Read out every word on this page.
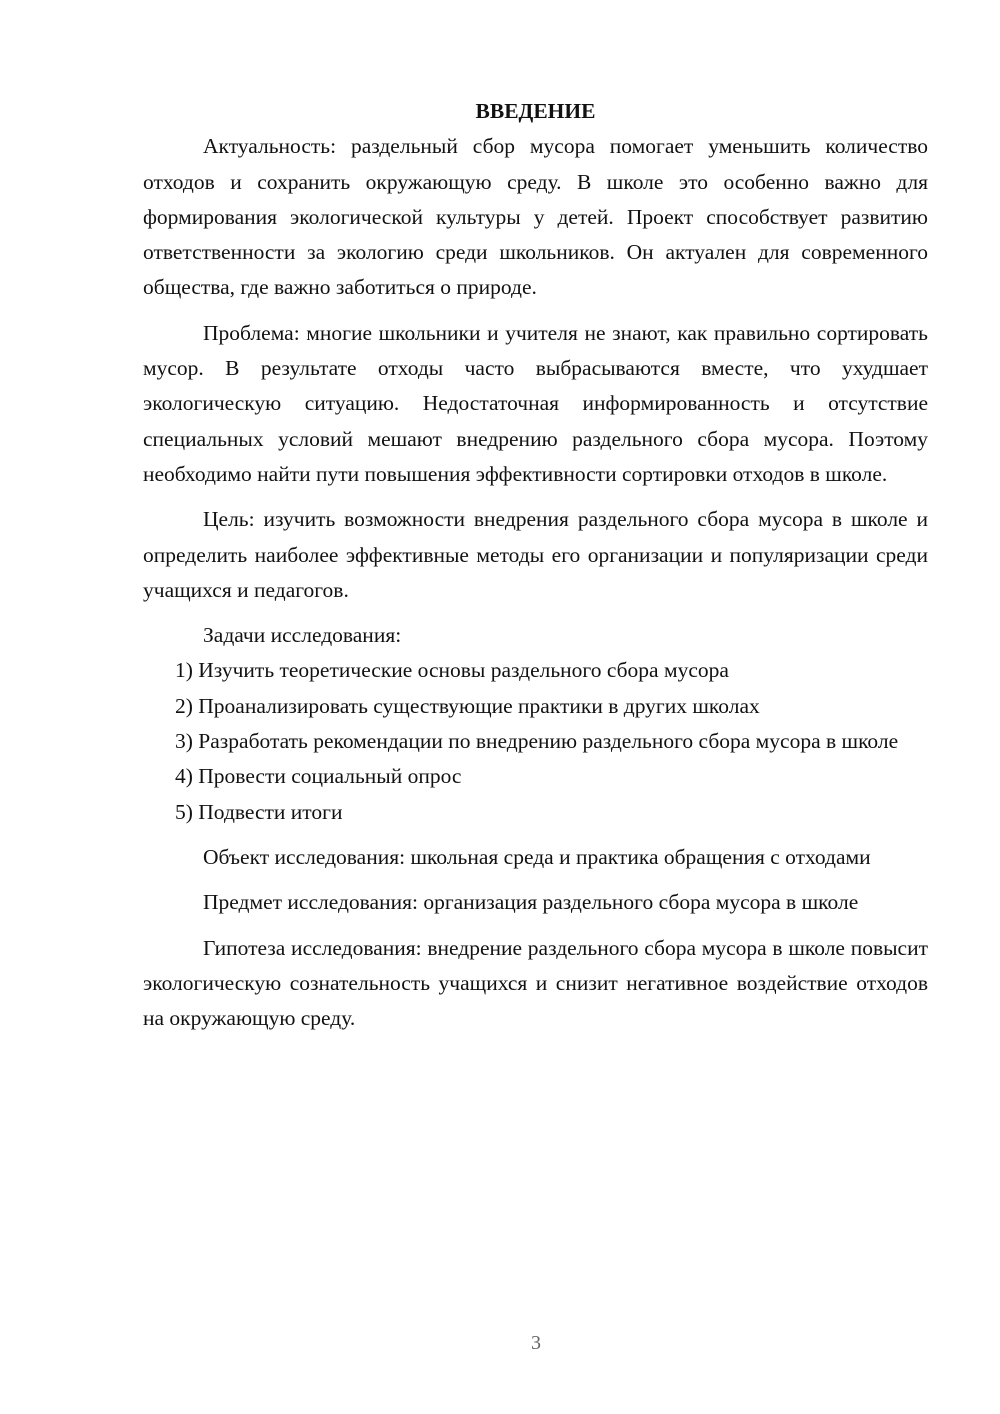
ВВЕДЕНИЕ

Актуальность: раздельный сбор мусора помогает уменьшить количество отходов и сохранить окружающую среду. В школе это особенно важно для формирования экологической культуры у детей. Проект способствует развитию ответственности за экологию среди школьников. Он актуален для современного общества, где важно заботиться о природе.

Проблема: многие школьники и учителя не знают, как правильно сортировать мусор. В результате отходы часто выбрасываются вместе, что ухудшает экологическую ситуацию. Недостаточная информированность и отсутствие специальных условий мешают внедрению раздельного сбора мусора. Поэтому необходимо найти пути повышения эффективности сортировки отходов в школе.

Цель: изучить возможности внедрения раздельного сбора мусора в школе и определить наиболее эффективные методы его организации и популяризации среди учащихся и педагогов.

Задачи исследования:

1) Изучить теоретические основы раздельного сбора мусора

2) Проанализировать существующие практики в других школах

3) Разработать рекомендации по внедрению раздельного сбора мусора в школе

4) Провести социальный опрос

5) Подвести итоги

Объект исследования: школьная среда и практика обращения с отходами

Предмет исследования: организация раздельного сбора мусора в школе

Гипотеза исследования: внедрение раздельного сбора мусора в школе повысит экологическую сознательность учащихся и снизит негативное воздействие отходов на окружающую среду.

3
